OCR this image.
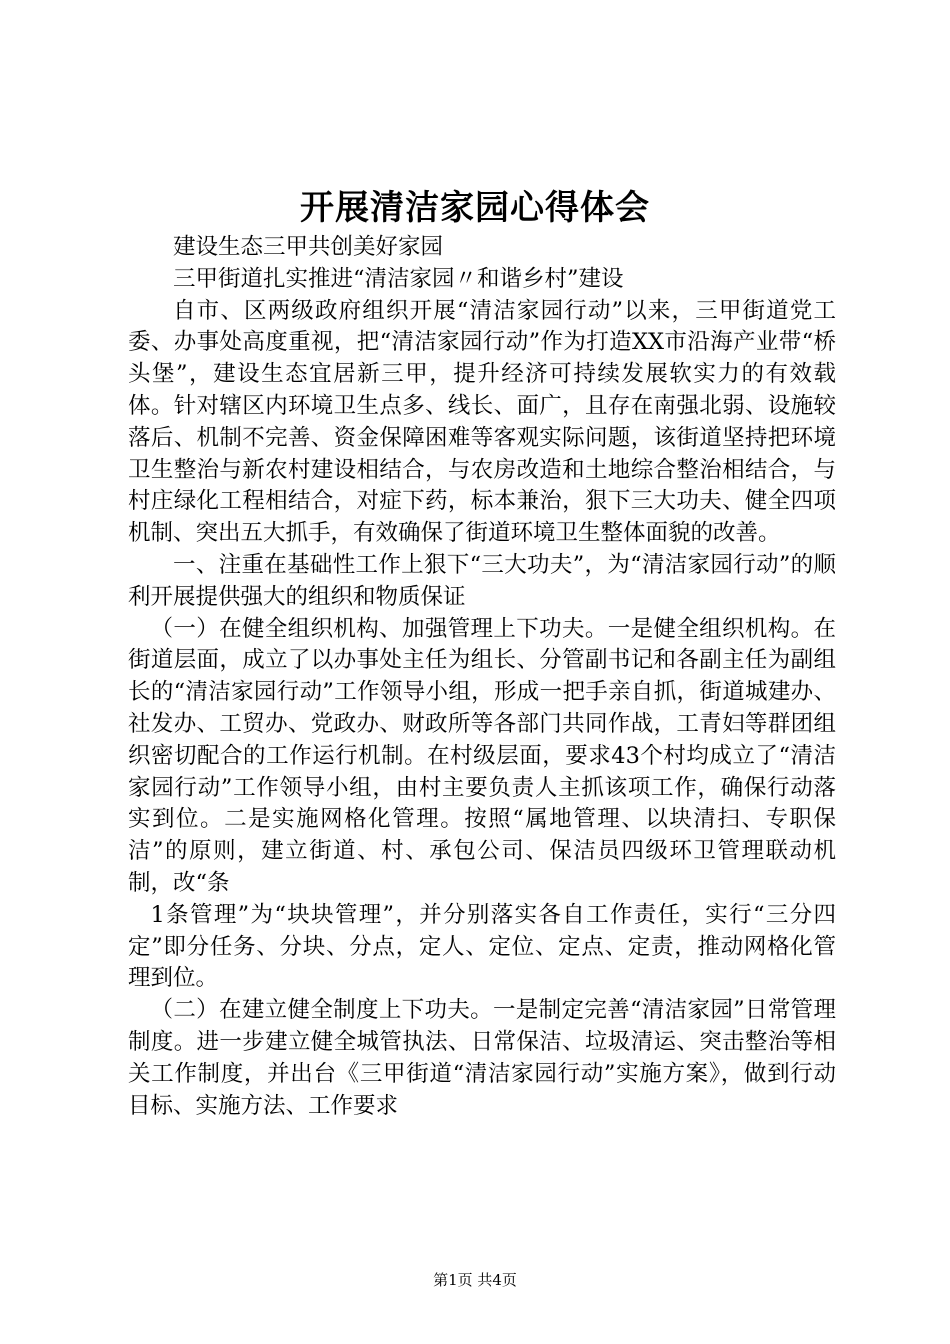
开展清洁家园心得体会

建设生态三甲共创美好家园

三甲街道扎实推进“清洁家园〃和谐乡村”建设

自市、区两级政府组织开展“清洁家园行动”以来，三甲街道党工委、办事处高度重视，把“清洁家园行动”作为打造XX市沿海产业带“桥头堡”，建设生态宜居新三甲，提升经济可持续发展软实力的有效载体。针对辖区内环境卫生点多、线长、面广，且存在南强北弱、设施较落后、机制不完善、资金保障困难等客观实际问题，该街道坚持把环境卫生整治与新农村建设相结合，与农房改造和土地综合整治相结合，与村庄绿化工程相结合，对症下药，标本兼治，狠下三大功夫、健全四项机制、突出五大抓手，有效确保了街道环境卫生整体面貌的改善。

一、注重在基础性工作上狠下“三大功夫”，为“清洁家园行动”的顺利开展提供强大的组织和物质保证

（一）在健全组织机构、加强管理上下功夫。一是健全组织机构。在街道层面，成立了以办事处主任为组长、分管副书记和各副主任为副组长的“清洁家园行动”工作领导小组，形成一把手亲自抓，街道城建办、社发办、工贸办、党政办、财政所等各部门共同作战，工青妇等群团组织密切配合的工作运行机制。在村级层面，要求43个村均成立了“清洁家园行动”工作领导小组，由村主要负责人主抓该项工作，确保行动落实到位。二是实施网格化管理。按照“属地管理、以块清扫、专职保洁”的原则，建立街道、村、承包公司、保洁员四级环卫管理联动机制，改“条

1条管理”为“块块管理”，并分别落实各自工作责任，实行“三分四定”即分任务、分块、分点，定人、定位、定点、定责，推动网格化管理到位。

（二）在建立健全制度上下功夫。一是制定完善“清洁家园”日常管理制度。进一步建立健全城管执法、日常保洁、垃圾清运、突击整治等相关工作制度，并出台《三甲街道“清洁家园行动”实施方案》，做到行动目标、实施方法、工作要求

第1页 共4页
